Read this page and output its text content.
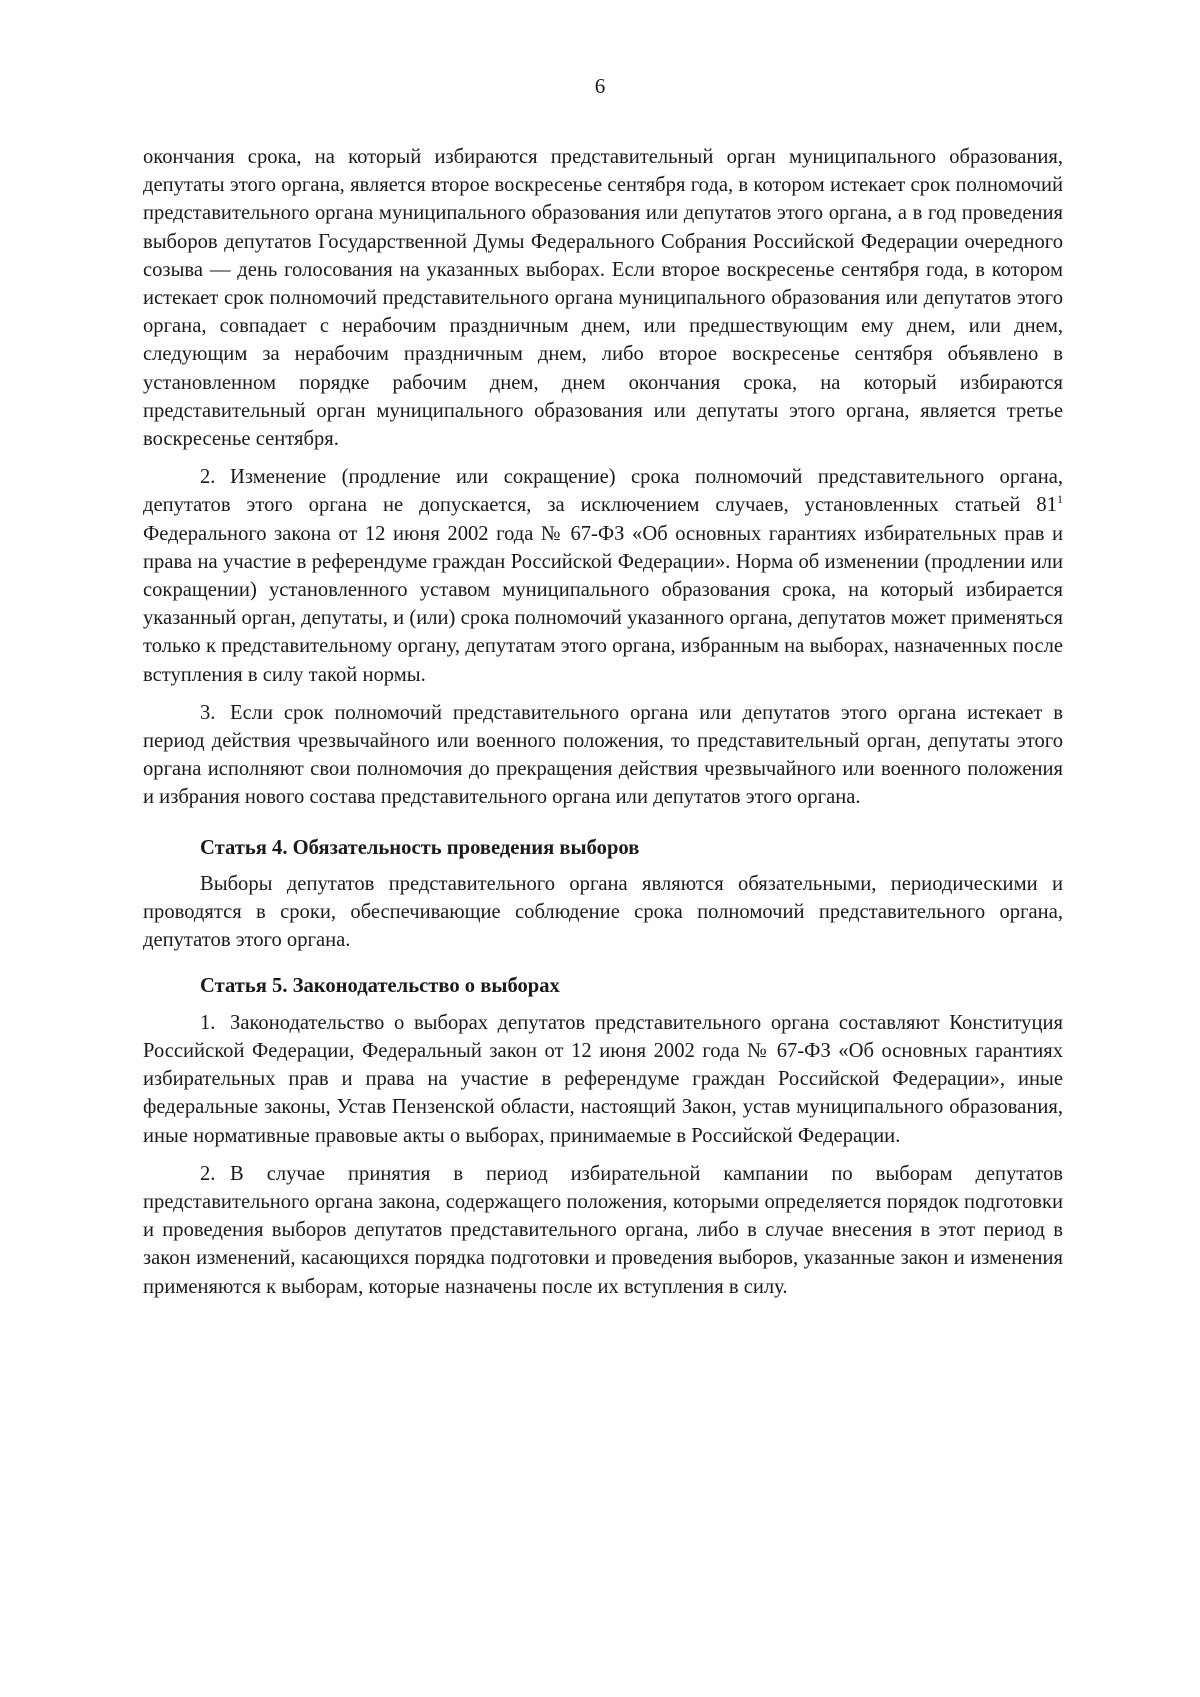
6

окончания срока, на который избираются представительный орган муниципального образования, депутаты этого органа, является второе воскресенье сентября года, в котором истекает срок полномочий представительного органа муниципального образования или депутатов этого органа, а в год проведения выборов депутатов Государственной Думы Федерального Собрания Российской Федерации очередного созыва — день голосования на указанных выборах. Если второе воскресенье сентября года, в котором истекает срок полномочий представительного органа муниципального образования или депутатов этого органа, совпадает с нерабочим праздничным днем, или предшествующим ему днем, или днем, следующим за нерабочим праздничным днем, либо второе воскресенье сентября объявлено в установленном порядке рабочим днем, днем окончания срока, на который избираются представительный орган муниципального образования или депутаты этого органа, является третье воскресенье сентября.

2. Изменение (продление или сокращение) срока полномочий представительного органа, депутатов этого органа не допускается, за исключением случаев, установленных статьей $81^1$ Федерального закона от 12 июня 2002 года № 67-ФЗ «Об основных гарантиях избирательных прав и права на участие в референдуме граждан Российской Федерации». Норма об изменении (продлении или сокращении) установленного уставом муниципального образования срока, на который избирается указанный орган, депутаты, и (или) срока полномочий указанного органа, депутатов может применяться только к представительному органу, депутатам этого органа, избранным на выборах, назначенных после вступления в силу такой нормы.

3. Если срок полномочий представительного органа или депутатов этого органа истекает в период действия чрезвычайного или военного положения, то представительный орган, депутаты этого органа исполняют свои полномочия до прекращения действия чрезвычайного или военного положения и избрания нового состава представительного органа или депутатов этого органа.

Статья 4. Обязательность проведения выборов

Выборы депутатов представительного органа являются обязательными, периодическими и проводятся в сроки, обеспечивающие соблюдение срока полномочий представительного органа, депутатов этого органа.

Статья 5. Законодательство о выборах

1. Законодательство о выборах депутатов представительного органа составляют Конституция Российской Федерации, Федеральный закон от 12 июня 2002 года № 67-ФЗ «Об основных гарантиях избирательных прав и права на участие в референдуме граждан Российской Федерации», иные федеральные законы, Устав Пензенской области, настоящий Закон, устав муниципального образования, иные нормативные правовые акты о выборах, принимаемые в Российской Федерации.

2. В случае принятия в период избирательной кампании по выборам депутатов представительного органа закона, содержащего положения, которыми определяется порядок подготовки и проведения выборов депутатов представительного органа, либо в случае внесения в этот период в закон изменений, касающихся порядка подготовки и проведения выборов, указанные закон и изменения применяются к выборам, которые назначены после их вступления в силу.
